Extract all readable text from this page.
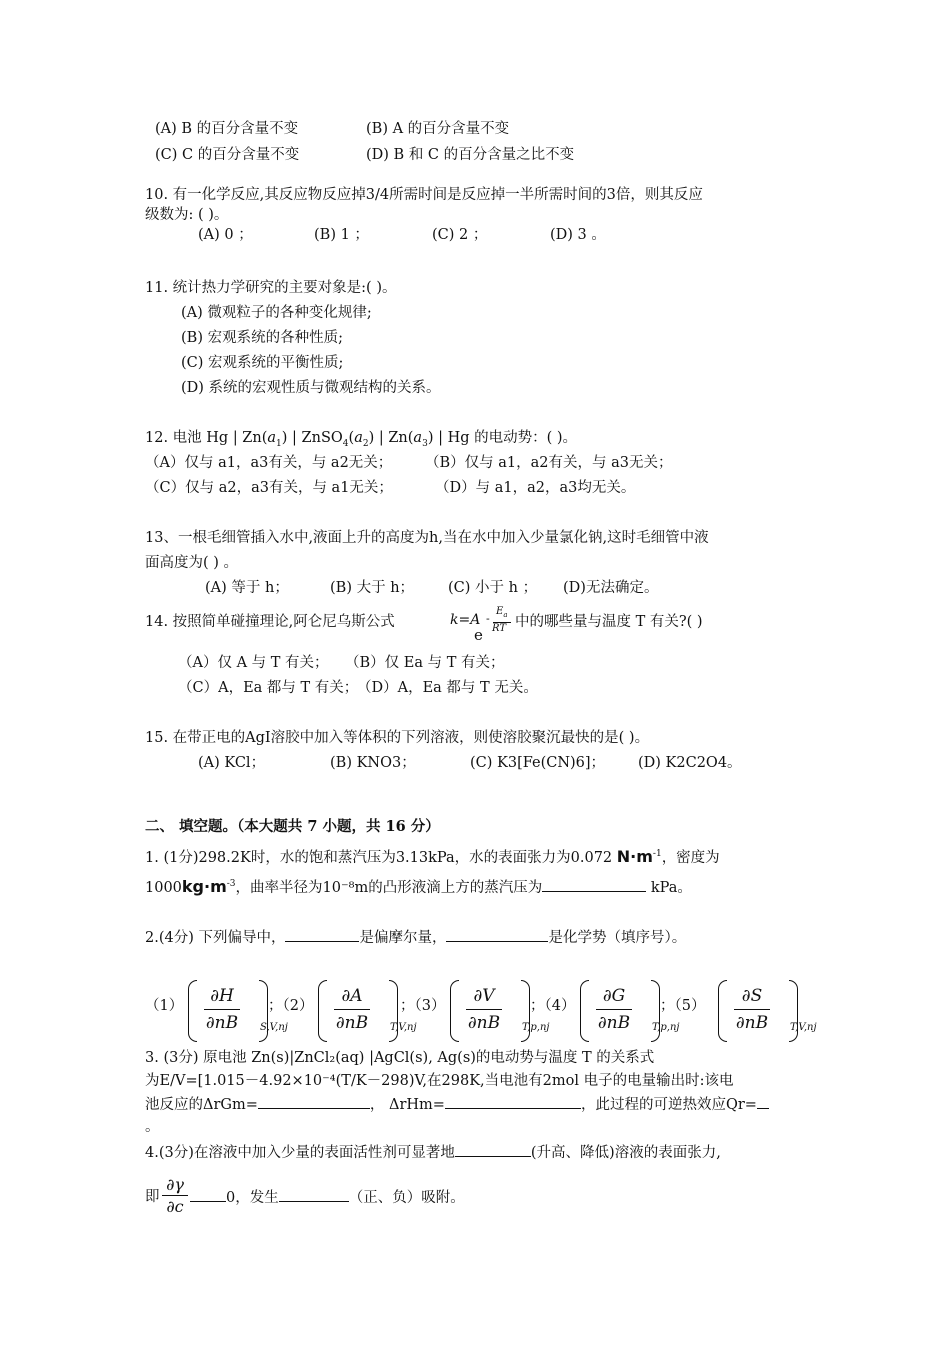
(A) B 的百分含量不变	(B) A 的百分含量不变
(C) C 的百分含量不变	(D) B 和 C 的百分含量之比不变
10. 有一化学反应,其反应物反应掉3/4所需时间是反应掉一半所需时间的3倍，则其反应
级数为: ( )。
(A) 0 ；	(B) 1 ；	(C) 2 ；	(D) 3 。
11. 统计热力学研究的主要对象是:( )。
(A) 微观粒子的各种变化规律;
(B) 宏观系统的各种性质;
(C) 宏观系统的平衡性质;
(D) 系统的宏观性质与微观结构的关系。
12. 电池 Hg | $Zn(a_1)$ | $ZnSO_4(a_2)$ | $Zn(a_3)$ | Hg 的电动势：( )。
（A）仅与 a1，a3有关，与 a2无关； （B）仅与 a1，a2有关，与 a3无关；
（C）仅与 a2，a3有关，与 a1无关；	（D）与 a1，a2，a3均无关。
13、一根毛细管插入水中,液面上升的高度为h,当在水中加入少量氯化钠,这时毛细管中液
面高度为( ) 。
(A) 等于 h；	(B) 大于 h； (C) 小于 h ； (D)无法确定。
14. 按照简单碰撞理论,阿仑尼乌斯公式	k=A
e
-
$E_a$
RT 中的哪些量与温度 T 有关?( )
（A）仅 A 与 T 有关； （B）仅 Ea 与 T 有关；
（C）A，Ea 都与 T 有关；
（D）A，Ea 都与 T 无关。
15. 在带正电的AgI溶胶中加入等体积的下列溶液，则使溶胶聚沉最快的是( )。
(A) KCl；	(B) KNO3；	(C) K3[Fe(CN)6]； (D) K2C2O4。
二、 填空题。（本大题共 7 小题，共 16 分）
1. (1分)298.2K时，水的饱和蒸汽压为3.13kPa，水的表面张力为0.072 $N\cdot m^{-1}$，密度为
$1000kg\cdot m^{-3}$，曲率半径为10⁻⁸m的凸形液滴上方的蒸汽压为	kPa。
2.(4分) 下列偏导中，	是偏摩尔量，	是化学势（填序号）。
（1）	∂H
∂nB	S,V,nj
；（2）	∂A
∂nB	T,V,nj
；（3）	∂V
∂nB	T,p,nj
；（4）	∂G
∂nB	T,p,nj
；（5）	∂S
∂nB	T,V,nj
3. (3分) 原电池 Zn(s)|ZnCl₂(aq) |AgCl(s), Ag(s)的电动势与温度 T 的关系式
为E/V=[1.015－4.92×10⁻⁴(T/K－298)V,在298K,当电池有2mol 电子的电量输出时:该电
池反应的ΔrGm=	， ΔrHm=	，此过程的可逆热效应Qr=
。
4.(3分)在溶液中加入少量的表面活性剂可显著地	(升高、降低)溶液的表面张力,
即
∂γ
∂c	0，发生	（正、负）吸附。
